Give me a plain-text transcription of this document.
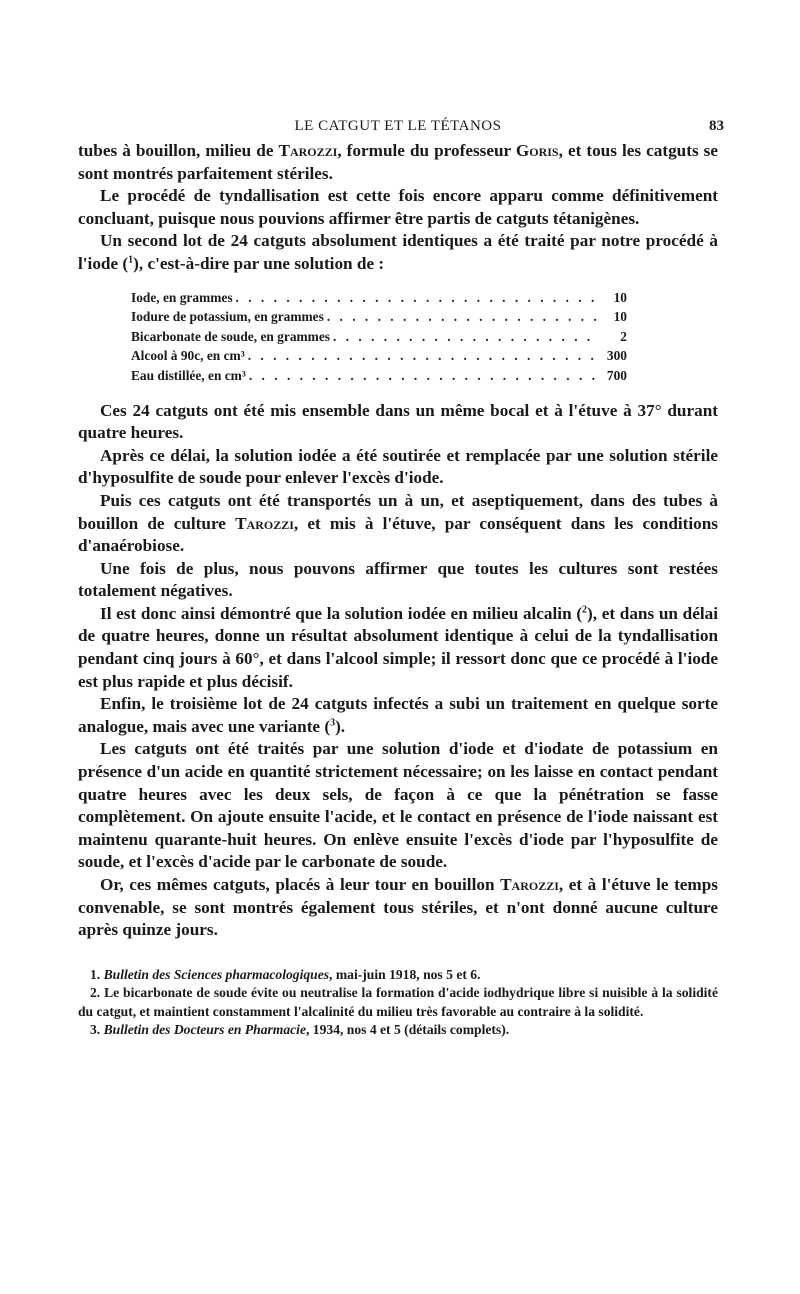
LE CATGUT ET LE TÉTANOS	83

tubes à bouillon, milieu de Tarozzi, formule du professeur Goris, et tous les catguts se sont montrés parfaitement stériles.

Le procédé de tyndallisation est cette fois encore apparu comme définitivement concluant, puisque nous pouvions affirmer être partis de catguts tétanigènes.

Un second lot de 24 catguts absolument identiques a été traité par notre procédé à l'iode ($^1$), c'est-à-dire par une solution de :

Iode, en grammes . . .	10
Iodure de potassium, en grammes . . .	10
Bicarbonate de soude, en grammes . . .	2
Alcool à 90c, en cm³ . . .	300
Eau distillée, en cm³ . . .	700

Ces 24 catguts ont été mis ensemble dans un même bocal et à l'étuve à 37° durant quatre heures.

Après ce délai, la solution iodée a été soutirée et remplacée par une solution stérile d'hyposulfite de soude pour enlever l'excès d'iode.

Puis ces catguts ont été transportés un à un, et aseptiquement, dans des tubes à bouillon de culture Tarozzi, et mis à l'étuve, par conséquent dans les conditions d'anaérobiose.

Une fois de plus, nous pouvons affirmer que toutes les cultures sont restées totalement négatives.

Il est donc ainsi démontré que la solution iodée en milieu alcalin ($^2$), et dans un délai de quatre heures, donne un résultat absolument identique à celui de la tyndallisation pendant cinq jours à 60°, et dans l'alcool simple; il ressort donc que ce procédé à l'iode est plus rapide et plus décisif.

Enfin, le troisième lot de 24 catguts infectés a subi un traitement en quelque sorte analogue, mais avec une variante ($^3$).

Les catguts ont été traités par une solution d'iode et d'iodate de potassium en présence d'un acide en quantité strictement nécessaire; on les laisse en contact pendant quatre heures avec les deux sels, de façon à ce que la pénétration se fasse complètement. On ajoute ensuite l'acide, et le contact en présence de l'iode naissant est maintenu quarante-huit heures. On enlève ensuite l'excès d'iode par l'hyposulfite de soude, et l'excès d'acide par le carbonate de soude.

Or, ces mêmes catguts, placés à leur tour en bouillon Tarozzi, et à l'étuve le temps convenable, se sont montrés également tous stériles, et n'ont donné aucune culture après quinze jours.

1. Bulletin des Sciences pharmacologiques, mai-juin 1918, nos 5 et 6.

2. Le bicarbonate de soude évite ou neutralise la formation d'acide iodhydrique libre si nuisible à la solidité du catgut, et maintient constamment l'alcalinité du milieu très favorable au contraire à la solidité.

3. Bulletin des Docteurs en Pharmacie, 1934, nos 4 et 5 (détails complets).
